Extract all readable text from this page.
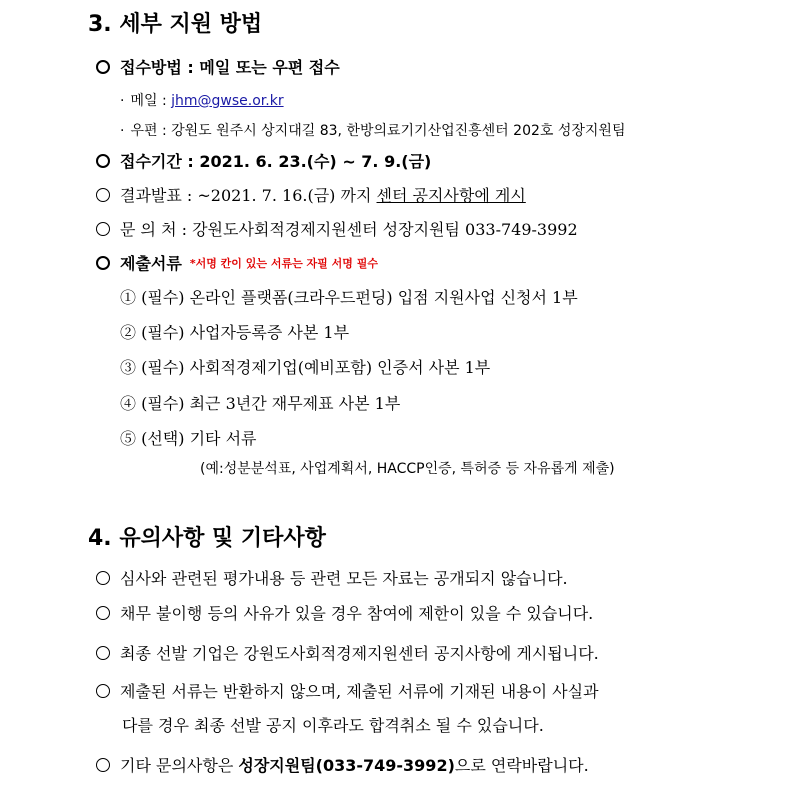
3. 세부 지원 방법
접수방법 : 메일 또는 우편 접수
· 메일 : jhm@gwse.or.kr
· 우편 : 강원도 원주시 상지대길 83, 한방의료기기산업진흥센터 202호 성장지원팀
접수기간 : 2021. 6. 23.(수) ~ 7. 9.(금)
결과발표 : ~2021. 7. 16.(금) 까지 센터 공지사항에 게시
문 의 처 : 강원도사회적경제지원센터 성장지원팀 033-749-3992
제출서류 *서명 칸이 있는 서류는 자필 서명 필수
① (필수) 온라인 플랫폼(크라우드펀딩) 입점 지원사업 신청서 1부
② (필수) 사업자등록증 사본 1부
③ (필수) 사회적경제기업(예비포함) 인증서 사본 1부
④ (필수) 최근 3년간 재무제표 사본 1부
⑤ (선택) 기타 서류
(예:성분분석표, 사업계획서, HACCP인증, 특허증 등 자유롭게 제출)
4. 유의사항 및 기타사항
심사와 관련된 평가내용 등 관련 모든 자료는 공개되지 않습니다.
채무 불이행 등의 사유가 있을 경우 참여에 제한이 있을 수 있습니다.
최종 선발 기업은 강원도사회적경제지원센터 공지사항에 게시됩니다.
제출된 서류는 반환하지 않으며, 제출된 서류에 기재된 내용이 사실과
다를 경우 최종 선발 공지 이후라도 합격취소 될 수 있습니다.
기타 문의사항은 성장지원팀(033-749-3992)으로 연락바랍니다.
